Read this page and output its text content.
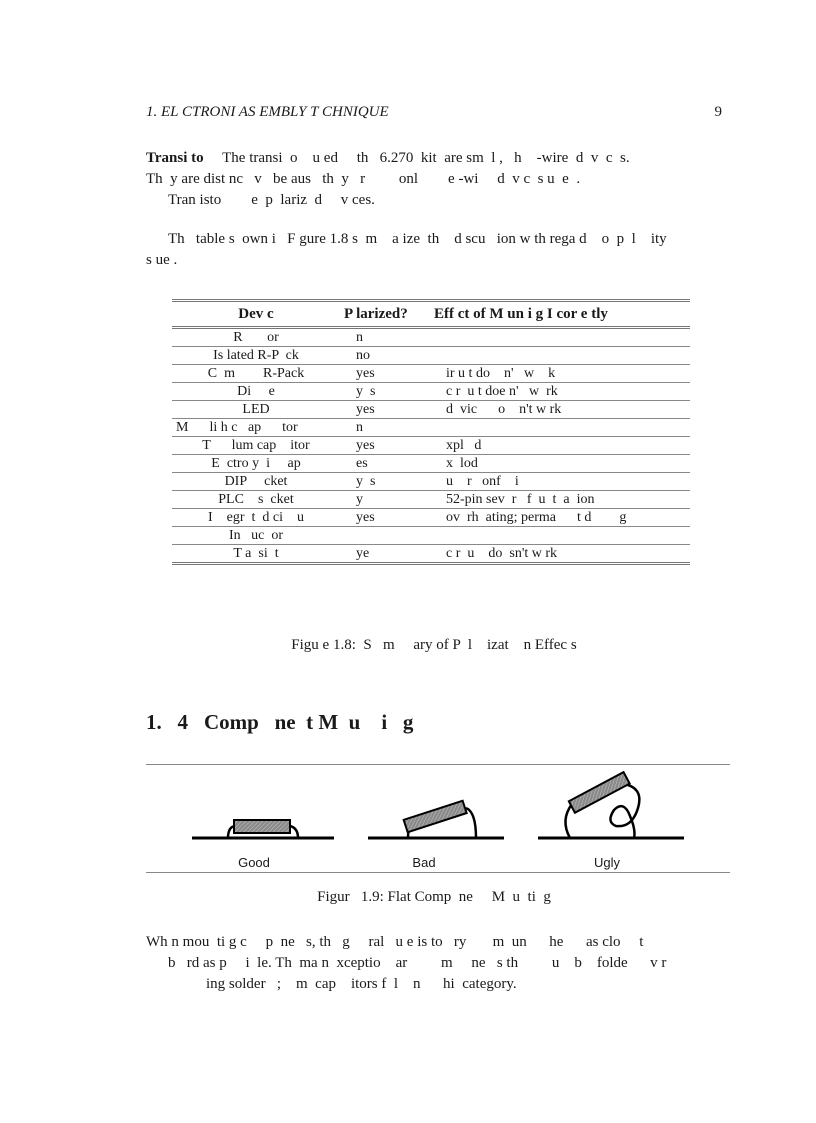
1. EL CTRONI AS EMBLY T CHNIQUE	9
Transi to     The transi  o    u ed     th   6.270  kit  are sm  l ,   h    -wire  d  v  c  s.
Th  y are dist nc   v   be aus   th  y   r         onl        e -wi     d  v c  s u  e  .
Tran isto        e  p  lariz  d     v ces.
Th   table s  own i   F gure 1.8 s  m    a ize  th    d scu   ion w th rega d    o  p  l    ity
s ue .
Dev c	P larized?	Eff ct of M un i g I cor e tly
R       or	n	
Is lated R-P  ck	no	
C  m        R-Pack	yes	ir u t do    n'   w    k
Di     e	y  s	c r  u t doe n'   w  rk
LED	yes	d  vic      o    n't w rk
M      li h c   ap      tor	n	
T      lum cap    itor	yes	xpl   d
E  ctro y  i     ap	es	x  lod
DIP     cket	y  s	u    r   onf    i
PLC    s  cket	y	52-pin sev  r   f  u  t  a  ion
I    egr  t  d ci    u	yes	ov  rh  ating; perma      t d        g
In   uc  or		
T a  si  t	ye	c r  u    do  sn't w rk
Figu e 1.8:  S   m     ary of P  l    izat    n Effec s
1.   4 Comp   ne  t M  u    i   g
Good	Bad	Ugly
Figur   1.9: Flat Comp  ne     M  u  ti  g
Wh n mou  ti g c     p  ne   s, th   g     ral   u e is to   ry       m  un      he      as clo     t
b   rd as p     i  le. Th  ma n  xceptio    ar         m     ne   s th         u    b    folde      v r
ing solder   ;    m  cap    itors f  l    n      hi  category.
